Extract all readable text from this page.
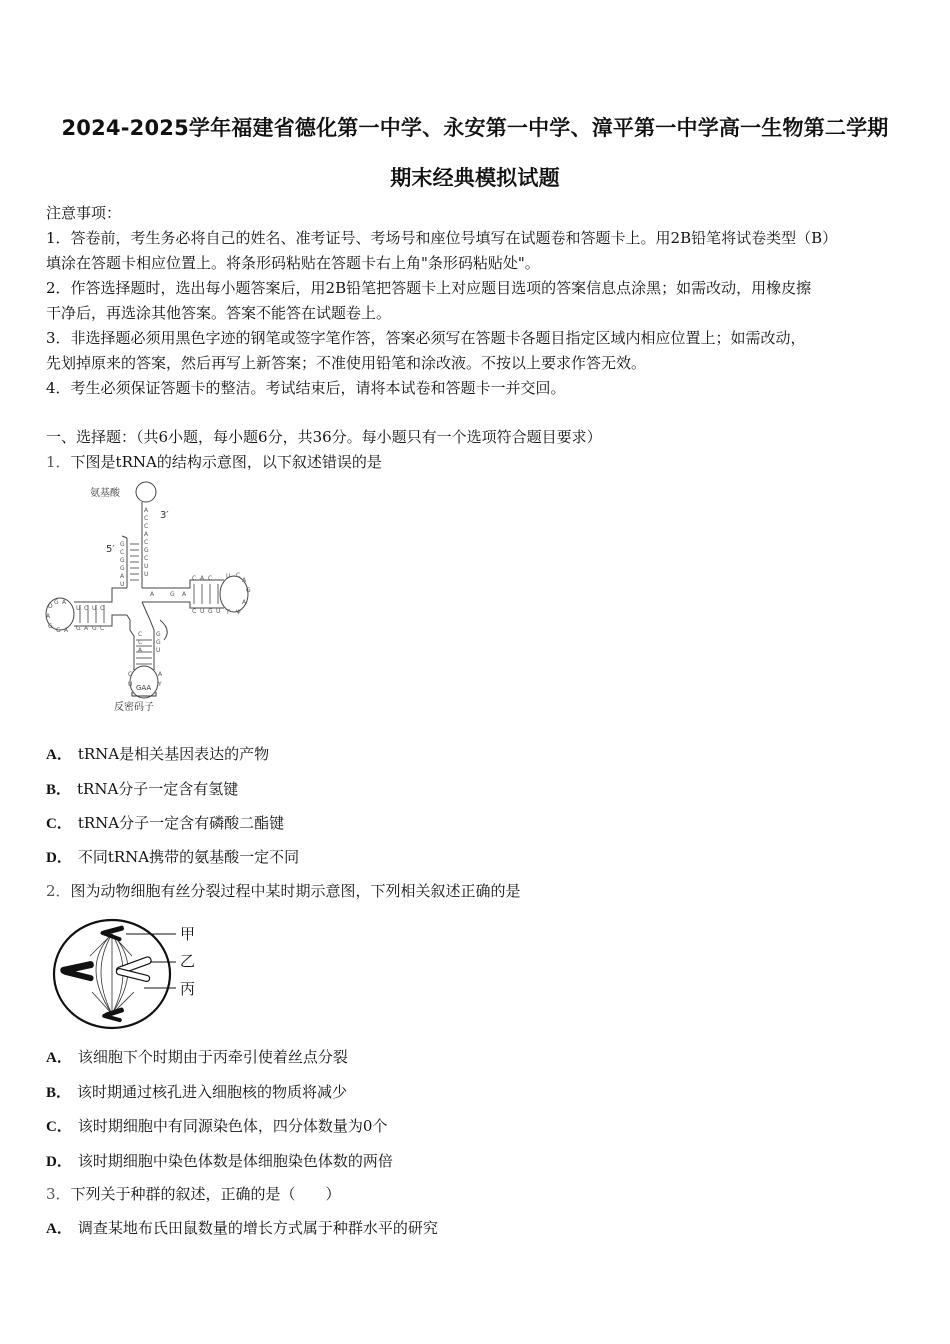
2024-2025学年福建省德化第一中学、永安第一中学、漳平第一中学高一生物第二学期
期末经典模拟试题
注意事项：
1．答卷前，考生务必将自己的姓名、准考证号、考场号和座位号填写在试题卷和答题卡上。用2B铅笔将试卷类型（B）
填涂在答题卡相应位置上。将条形码粘贴在答题卡右上角"条形码粘贴处"。
2．作答选择题时，选出每小题答案后，用2B铅笔把答题卡上对应题目选项的答案信息点涂黑；如需改动，用橡皮擦
干净后，再选涂其他答案。答案不能答在试题卷上。
3．非选择题必须用黑色字迹的钢笔或签字笔作答，答案必须写在答题卡各题目指定区域内相应位置上；如需改动，
先划掉原来的答案，然后再写上新答案；不准使用铅笔和涂改液。不按以上要求作答无效。
4．考生必须保证答题卡的整洁。考试结束后，请将本试卷和答题卡一并交回。
一、选择题：（共6小题，每小题6分，共36分。每小题只有一个选项符合题目要求）
1．下图是tRNA的结构示意图，以下叙述错误的是
A
C
C
A
C
G
C
U
U
G
C
G
G
A
U
A	G A
C A C
C U G U
U C
A
G
A
Ψ
T
U C U C
G A G C
D
G A
A
G
G A
C
C
A
G
G
U
C
U
A
Y
氨基酸
3′
5′
反密码子
GAA
A． tRNA是相关基因表达的产物
B． tRNA分子一定含有氢键
C． tRNA分子一定含有磷酸二酯键
D． 不同tRNA携带的氨基酸一定不同
2．图为动物细胞有丝分裂过程中某时期示意图，下列相关叙述正确的是
甲
乙
丙
A． 该细胞下个时期由于丙牵引使着丝点分裂
B． 该时期通过核孔进入细胞核的物质将减少
C． 该时期细胞中有同源染色体，四分体数量为0个
D． 该时期细胞中染色体数是体细胞染色体数的两倍
3．下列关于种群的叙述，正确的是（　　）
A． 调查某地布氏田鼠数量的增长方式属于种群水平的研究
